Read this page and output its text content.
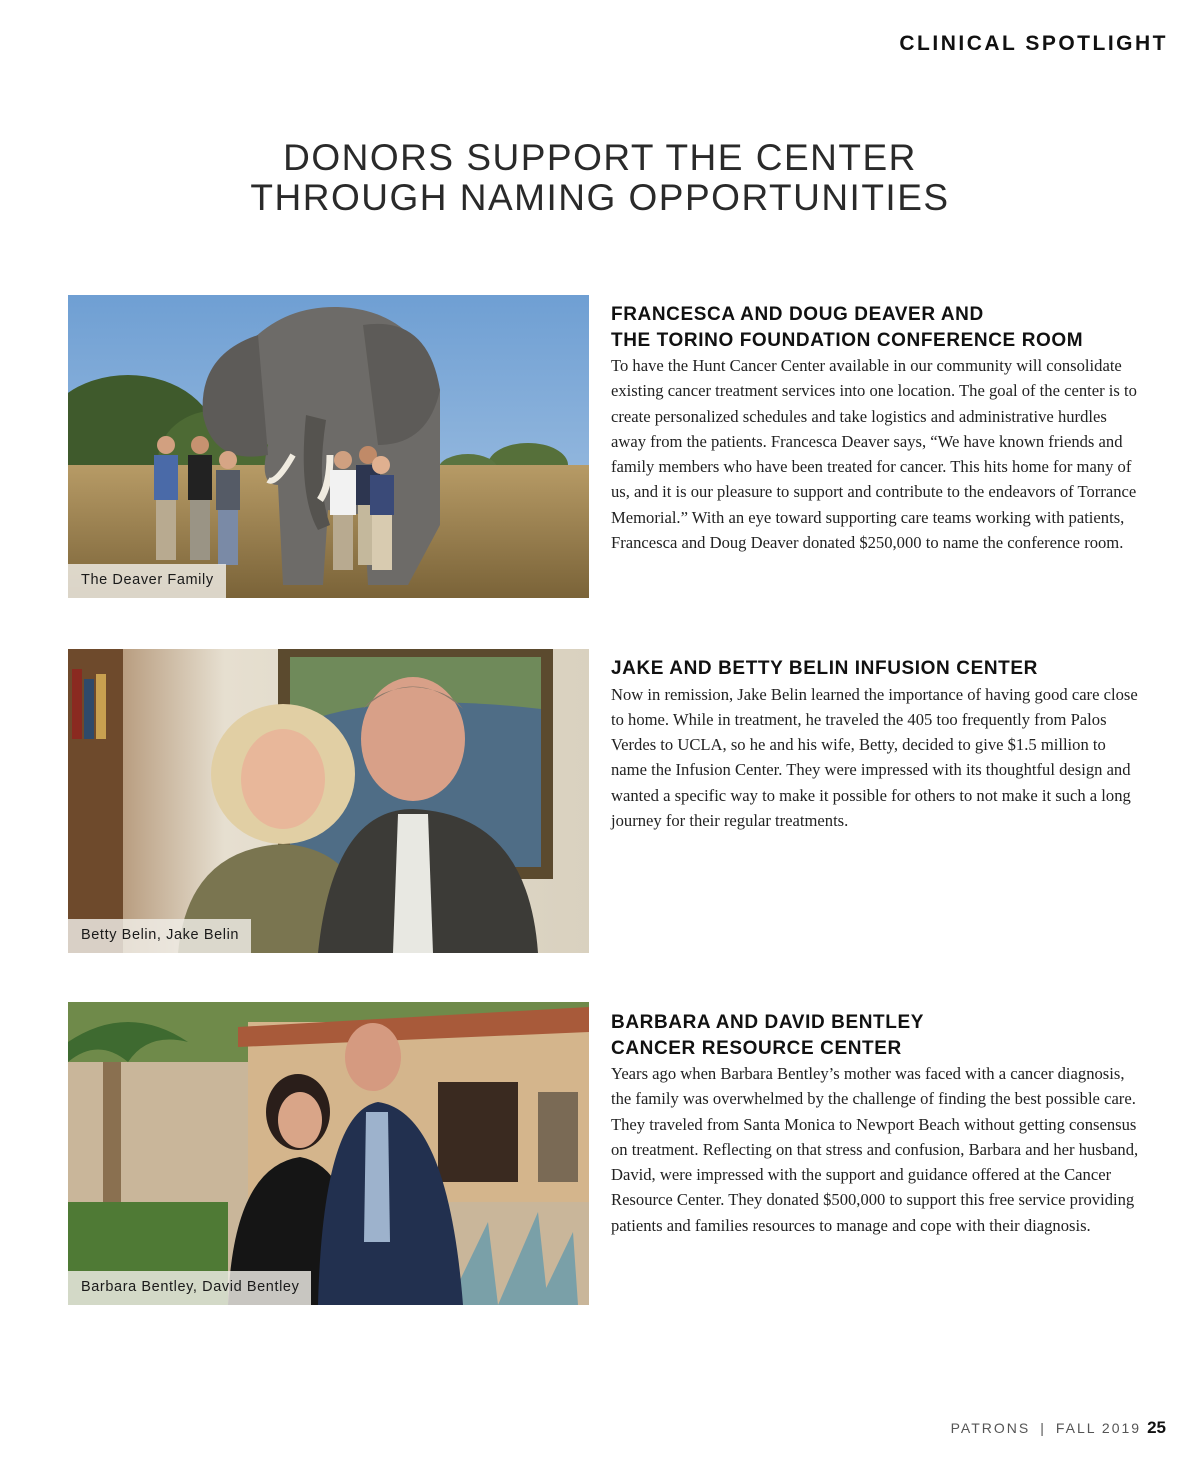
CLINICAL SPOTLIGHT
DONORS SUPPORT THE CENTER
THROUGH NAMING OPPORTUNITIES
The Deaver Family
FRANCESCA AND DOUG DEAVER AND
THE TORINO FOUNDATION CONFERENCE ROOM

To have the Hunt Cancer Center available in our community will consolidate existing cancer treatment services into one location. The goal of the center is to create personalized schedules and take logistics and administrative hurdles away from the patients. Francesca Deaver says, “We have known friends and family members who have been treated for cancer. This hits home for many of us, and it is our pleasure to support and contribute to the endeavors of Torrance Memorial.” With an eye toward supporting care teams working with patients, Francesca and Doug Deaver donated $250,000 to name the conference room.

Betty Belin, Jake Belin
JAKE AND BETTY BELIN INFUSION CENTER

Now in remission, Jake Belin learned the importance of having good care close to home. While in treatment, he traveled the 405 too frequently from Palos Verdes to UCLA, so he and his wife, Betty, decided to give $1.5 million to name the Infusion Center. They were impressed with its thoughtful design and wanted a specific way to make it possible for others to not make it such a long journey for their regular treatments.

Barbara Bentley, David Bentley
BARBARA AND DAVID BENTLEY
CANCER RESOURCE CENTER

Years ago when Barbara Bentley’s mother was faced with a cancer diagnosis, the family was overwhelmed by the challenge of finding the best possible care. They traveled from Santa Monica to Newport Beach without getting consensus on treatment. Reflecting on that stress and confusion, Barbara and her husband, David, were impressed with the support and guidance offered at the Cancer Resource Center. They donated $500,000 to support this free service providing patients and families resources to manage and cope with their diagnosis.

PATRONS | FALL 2019 25
